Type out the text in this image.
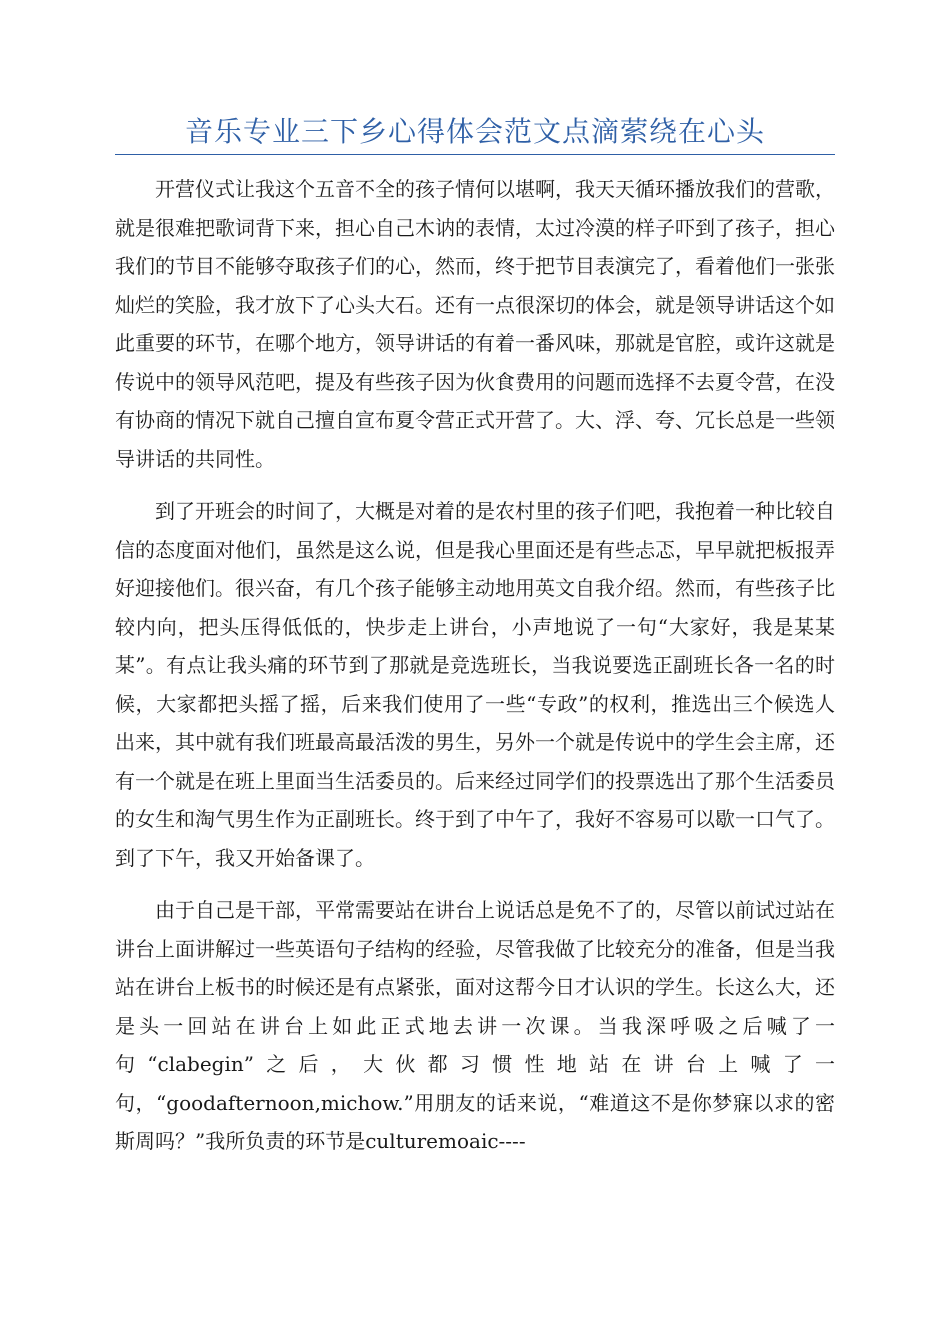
音乐专业三下乡心得体会范文点滴萦绕在心头

开营仪式让我这个五音不全的孩子情何以堪啊，我天天循环播放我们的营歌，就是很难把歌词背下来，担心自己木讷的表情，太过冷漠的样子吓到了孩子，担心我们的节目不能够夺取孩子们的心，然而，终于把节目表演完了，看着他们一张张灿烂的笑脸，我才放下了心头大石。还有一点很深切的体会，就是领导讲话这个如此重要的环节，在哪个地方，领导讲话的有着一番风味，那就是官腔，或许这就是传说中的领导风范吧，提及有些孩子因为伙食费用的问题而选择不去夏令营，在没有协商的情况下就自己擅自宣布夏令营正式开营了。大、浮、夸、冗长总是一些领导讲话的共同性。

到了开班会的时间了，大概是对着的是农村里的孩子们吧，我抱着一种比较自信的态度面对他们，虽然是这么说，但是我心里面还是有些忐忑，早早就把板报弄好迎接他们。很兴奋，有几个孩子能够主动地用英文自我介绍。然而，有些孩子比较内向，把头压得低低的，快步走上讲台，小声地说了一句“大家好，我是某某某”。有点让我头痛的环节到了那就是竞选班长，当我说要选正副班长各一名的时候，大家都把头摇了摇，后来我们使用了一些“专政”的权利，推选出三个候选人出来，其中就有我们班最高最活泼的男生，另外一个就是传说中的学生会主席，还有一个就是在班上里面当生活委员的。后来经过同学们的投票选出了那个生活委员的女生和淘气男生作为正副班长。终于到了中午了，我好不容易可以歇一口气了。到了下午，我又开始备课了。

由于自己是干部，平常需要站在讲台上说话总是免不了的，尽管以前试过站在讲台上面讲解过一些英语句子结构的经验，尽管我做了比较充分的准备，但是当我站在讲台上板书的时候还是有点紧张，面对这帮今日才认识的学生。长这么大，还是头一回站在讲台上如此正式地去讲一次课。当我深呼吸之后喊了一句“clabegin”之后，大伙都习惯性地站在讲台上喊了一句，“goodafternoon,michow.”用朋友的话来说，“难道这不是你梦寐以求的密斯周吗？”我所负责的环节是culturemoaic----
